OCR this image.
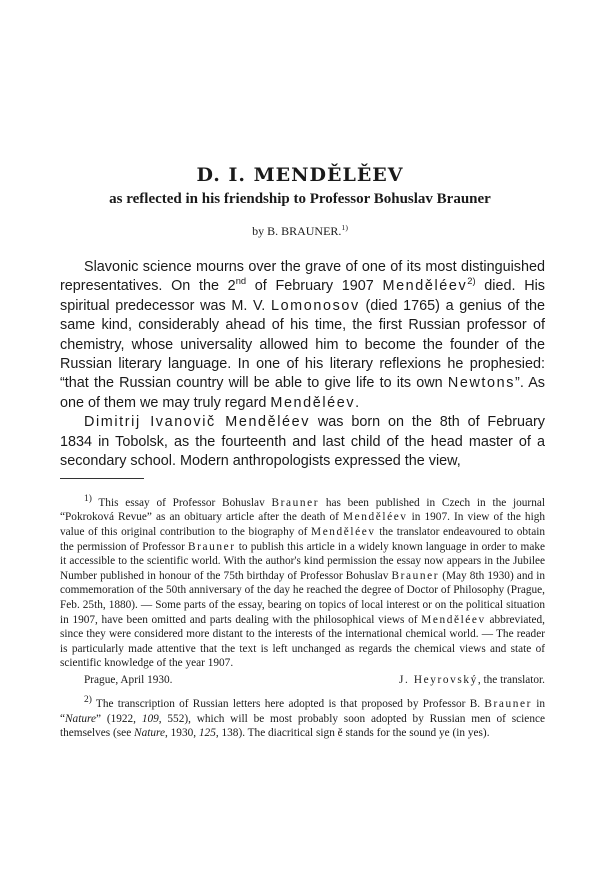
D. I. MENDĚLĚEV
as reflected in his friendship to Professor Bohuslav Brauner
by B. BRAUNER.$^{1)}$

Slavonic science mourns over the grave of one of its most distinguished representatives. On the 2nd of February 1907 Menděléev$^{2)}$ died. His spiritual predecessor was M. V. Lomonosov (died 1765) a genius of the same kind, considerably ahead of his time, the first Russian professor of chemistry, whose universality allowed him to become the founder of the Russian literary language. In one of his literary reflexions he prophesied: “that the Russian country will be able to give life to its own Newtons”. As one of them we may truly regard Menděléev.

Dimitrij Ivanovič Menděléev was born on the 8th of February 1834 in Tobolsk, as the fourteenth and last child of the head master of a secondary school. Modern anthropologists expressed the view,

$^{1)}$ This essay of Professor Bohuslav Brauner has been published in Czech in the journal “Pokroková Revue” as an obituary article after the death of Menděléev in 1907. In view of the high value of this original contribution to the biography of Menděléev the translator endeavoured to obtain the permission of Professor Brauner to publish this article in a widely known language in order to make it accessible to the scientific world. With the author's kind permission the essay now appears in the Jubilee Number published in honour of the 75th birthday of Professor Bohuslav Brauner (May 8th 1930) and in commemoration of the 50th anniversary of the day he reached the degree of Doctor of Philosophy (Prague, Feb. 25th, 1880). — Some parts of the essay, bearing on topics of local interest or on the political situation in 1907, have been omitted and parts dealing with the philosophical views of Menděléev abbreviated, since they were considered more distant to the interests of the international chemical world. — The reader is particularly made attentive that the text is left unchanged as regards the chemical views and state of scientific knowledge of the year 1907.

Prague, April 1930.	J. Heyrovský, the translator.

$^{2)}$ The transcription of Russian letters here adopted is that proposed by Professor B. Brauner in “Nature” (1922, 109, 552), which will be most probably soon adopted by Russian men of science themselves (see Nature, 1930, 125, 138). The diacritical sign ě stands for the sound ye (in yes).
